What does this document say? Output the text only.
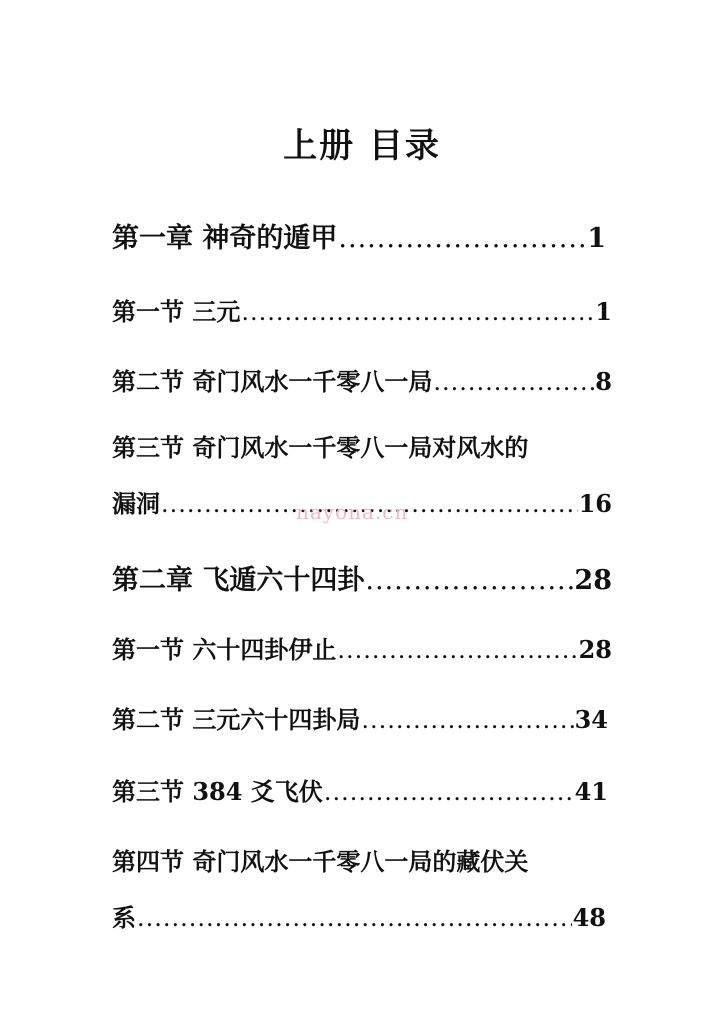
上册 目录
第一章 神奇的遁甲 .....	1
第一节 三元 .....	1
第二节 奇门风水一千零八一局 .....	8
第三节 奇门风水一千零八一局对风水的
漏洞 .....	16
第二章 飞遁六十四卦 .....	28
第一节 六十四卦伊止 .....	28
第二节 三元六十四卦局 .....	34
第三节 384 爻飞伏 .....	41
第四节 奇门风水一千零八一局的藏伏关
系 .....	48
nayona.cn
